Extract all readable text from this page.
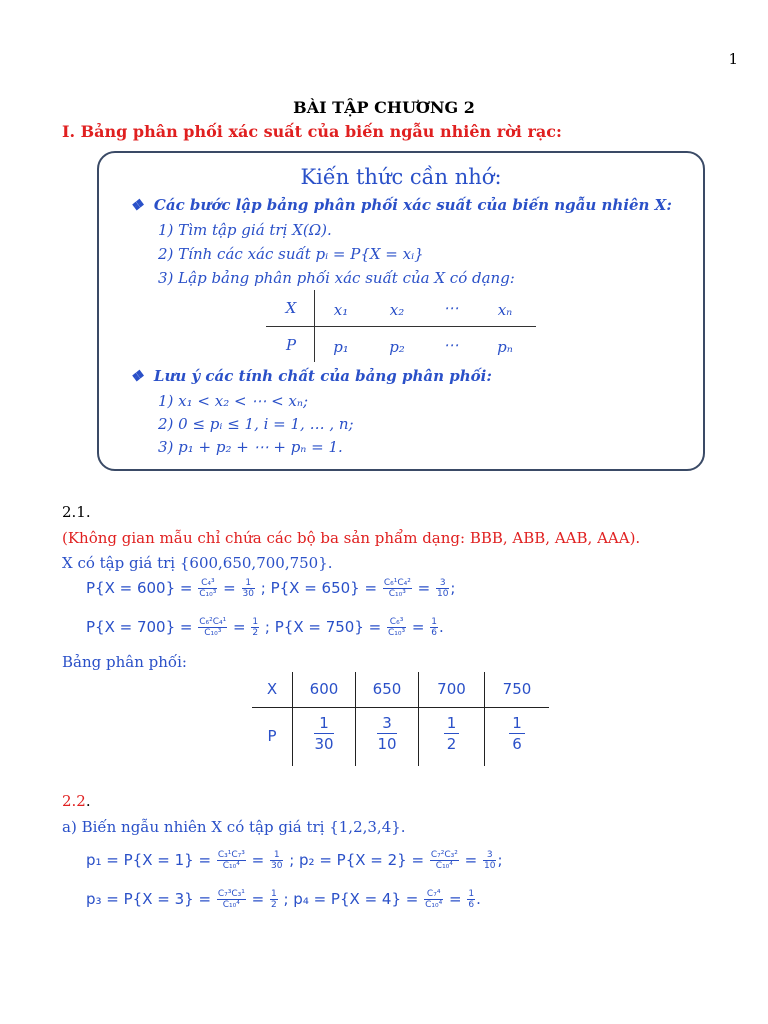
1
BÀI TẬP CHƯƠNG 2
I. Bảng phân phối xác suất của biến ngẫu nhiên rời rạc:
Kiến thức cần nhớ:
❖ Các bước lập bảng phân phối xác suất của biến ngẫu nhiên X:
1) Tìm tập giá trị X(Ω).
2) Tính các xác suất pᵢ = P{X = xᵢ}
3) Lập bảng phân phối xác suất của X có dạng:
X	x₁	x₂	⋯	xₙ
P	p₁	p₂	⋯	pₙ
❖ Lưu ý các tính chất của bảng phân phối:
1) x₁ < x₂ < ⋯ < xₙ;
2) 0 ≤ pᵢ ≤ 1, i = 1, … , n;
3) p₁ + p₂ + ⋯ + pₙ = 1.
2.1.
(Không gian mẫu chỉ chứa các bộ ba sản phẩm dạng: BBB, ABB, AAB, AAA).
X có tập giá trị {600,650,700,750}.
$P\{X = 600\} = \frac{\text{C₄³}}{\text{C₁₀³}} = \frac{1}{30}$ ; $P\{X = 650\} = \frac{\text{C₆¹C₄²}}{\text{C₁₀³}} = \frac{3}{10}$ ;
$P\{X = 700\} = \frac{\text{C₆²C₄¹}}{\text{C₁₀³}} = \frac{1}{2}$ ; $P\{X = 750\} = \frac{\text{C₆³}}{\text{C₁₀³}} = \frac{1}{6}$ .
Bảng phân phối:
X	600	650	700	750
P	$\frac{1}{30}$	$\frac{3}{10}$	$\frac{1}{2}$	$\frac{1}{6}$
2.2.
a) Biến ngẫu nhiên X có tập giá trị {1,2,3,4}.
$p_1 = P\{X = 1\} = \frac{\text{C₃¹C₇³}}{\text{C₁₀⁴}} = \frac{1}{30}$ ; $p_2 = P\{X = 2\} = \frac{\text{C₇²C₃²}}{\text{C₁₀⁴}} = \frac{3}{10}$ ;
$p_3 = P\{X = 3\} = \frac{\text{C₇³C₃¹}}{\text{C₁₀⁴}} = \frac{1}{2}$ ; $p_4 = P\{X = 4\} = \frac{\text{C₇⁴}}{\text{C₁₀⁴}} = \frac{1}{6}$ .
